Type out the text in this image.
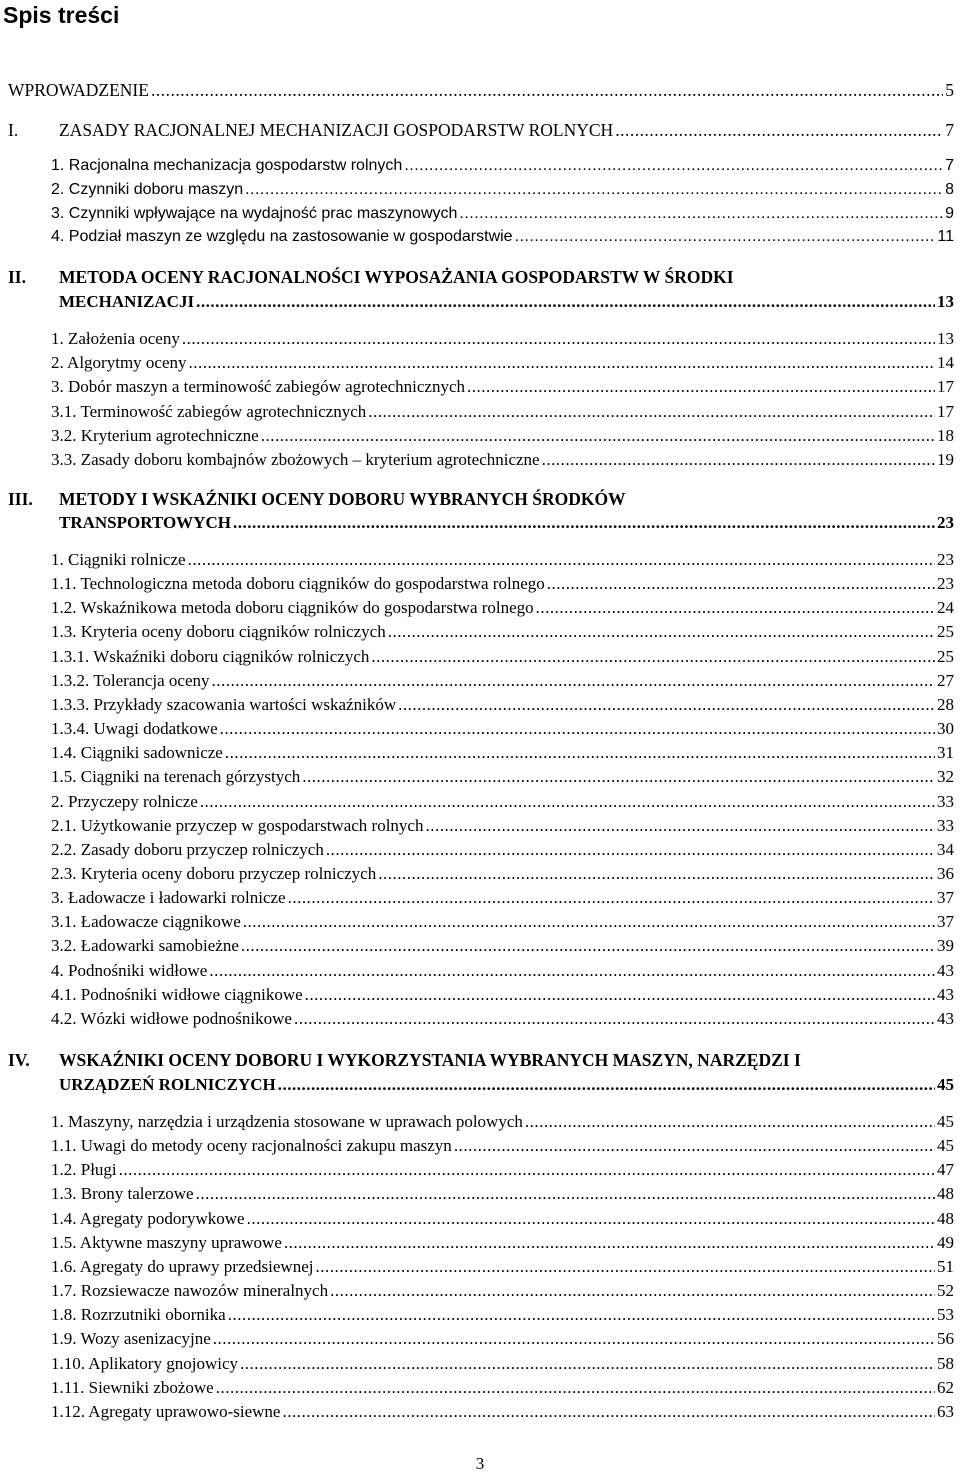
Spis treści
WPROWADZENIE .....	5
I. ZASADY RACJONALNEJ MECHANIZACJI GOSPODARSTW ROLNYCH .....	7
1. Racjonalna mechanizacja gospodarstw rolnych .....	7
2. Czynniki doboru maszyn .....	8
3. Czynniki wpływające na wydajność prac maszynowych .....	9
4. Podział maszyn ze względu na zastosowanie w gospodarstwie .....	11
II. METODA OCENY RACJONALNOŚCI WYPOSAŻANIA GOSPODARSTW W ŚRODKI
MECHANIZACJI .....	13
1. Założenia oceny .....	13
2. Algorytmy oceny .....	14
3. Dobór maszyn a terminowość zabiegów agrotechnicznych .....	17
3.1. Terminowość zabiegów agrotechnicznych .....	17
3.2. Kryterium agrotechniczne .....	18
3.3. Zasady doboru kombajnów zbożowych – kryterium agrotechniczne .....	19
III. METODY I WSKAŹNIKI OCENY DOBORU WYBRANYCH ŚRODKÓW
TRANSPORTOWYCH .....	23
1. Ciągniki rolnicze .....	23
1.1. Technologiczna metoda doboru ciągników do gospodarstwa rolnego .....	23
1.2. Wskaźnikowa metoda doboru ciągników do gospodarstwa rolnego .....	24
1.3. Kryteria oceny doboru ciągników rolniczych .....	25
1.3.1. Wskaźniki doboru ciągników rolniczych .....	25
1.3.2. Tolerancja oceny .....	27
1.3.3. Przykłady szacowania wartości wskaźników .....	28
1.3.4. Uwagi dodatkowe .....	30
1.4. Ciągniki sadownicze .....	31
1.5. Ciągniki na terenach górzystych .....	32
2. Przyczepy rolnicze .....	33
2.1. Użytkowanie przyczep w gospodarstwach rolnych .....	33
2.2. Zasady doboru przyczep rolniczych .....	34
2.3. Kryteria oceny doboru przyczep rolniczych .....	36
3. Ładowacze i ładowarki rolnicze .....	37
3.1. Ładowacze ciągnikowe .....	37
3.2. Ładowarki samobieżne .....	39
4. Podnośniki widłowe .....	43
4.1. Podnośniki widłowe ciągnikowe .....	43
4.2. Wózki widłowe podnośnikowe .....	43
IV. WSKAŹNIKI OCENY DOBORU I WYKORZYSTANIA WYBRANYCH MASZYN, NARZĘDZI I
URZĄDZEŃ ROLNICZYCH .....	45
1. Maszyny, narzędzia i urządzenia stosowane w uprawach polowych .....	45
1.1. Uwagi do metody oceny racjonalności zakupu maszyn .....	45
1.2. Pługi .....	47
1.3. Brony talerzowe .....	48
1.4. Agregaty podorywkowe .....	48
1.5. Aktywne maszyny uprawowe .....	49
1.6. Agregaty do uprawy przedsiewnej .....	51
1.7. Rozsiewacze nawozów mineralnych .....	52
1.8. Rozrzutniki obornika .....	53
1.9. Wozy asenizacyjne .....	56
1.10. Aplikatory gnojowicy .....	58
1.11. Siewniki zbożowe .....	62
1.12. Agregaty uprawowo-siewne .....	63
3
